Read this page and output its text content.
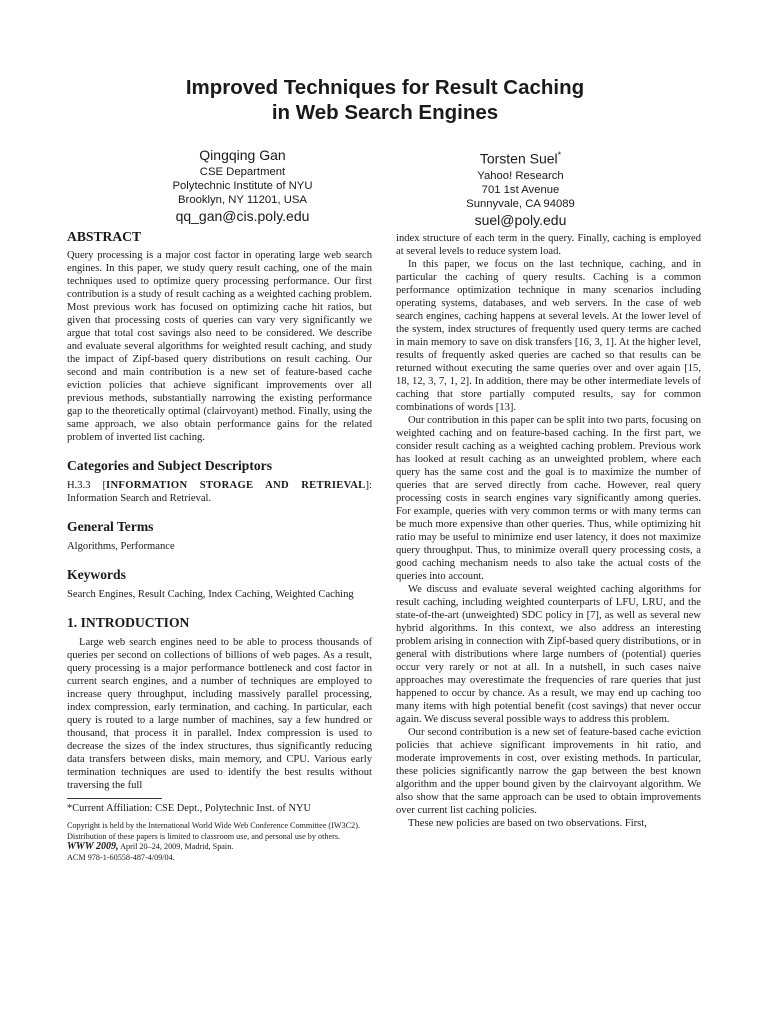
Improved Techniques for Result Caching
in Web Search Engines
Qingqing Gan
CSE Department
Polytechnic Institute of NYU
Brooklyn, NY 11201, USA
qq_gan@cis.poly.edu
Torsten Suel*
Yahoo! Research
701 1st Avenue
Sunnyvale, CA 94089
suel@poly.edu
ABSTRACT

Query processing is a major cost factor in operating large web search engines. In this paper, we study query result caching, one of the main techniques used to optimize query processing performance. Our first contribution is a study of result caching as a weighted caching problem. Most previous work has focused on optimizing cache hit ratios, but given that processing costs of queries can vary very significantly we argue that total cost savings also need to be considered. We describe and evaluate several algorithms for weighted result caching, and study the impact of Zipf-based query distributions on result caching. Our second and main contribution is a new set of feature-based cache eviction policies that achieve significant improvements over all previous methods, substantially narrowing the existing performance gap to the theoretically optimal (clairvoyant) method. Finally, using the same approach, we also obtain performance gains for the related problem of inverted list caching.

Categories and Subject Descriptors

H.3.3 [INFORMATION STORAGE AND RETRIEVAL]: Information Search and Retrieval.

General Terms

Algorithms, Performance

Keywords

Search Engines, Result Caching, Index Caching, Weighted Caching

1. INTRODUCTION

Large web search engines need to be able to process thousands of queries per second on collections of billions of web pages. As a result, query processing is a major performance bottleneck and cost factor in current search engines, and a number of techniques are employed to increase query throughput, including massively parallel processing, index compression, early termination, and caching. In particular, each query is routed to a large number of machines, say a few hundred or thousand, that process it in parallel. Index compression is used to decrease the sizes of the index structures, thus significantly reducing data transfers between disks, main memory, and CPU. Various early termination techniques are used to identify the best results without traversing the full

*Current Affiliation: CSE Dept., Polytechnic Inst. of NYU

Copyright is held by the International World Wide Web Conference Committee (IW3C2). Distribution of these papers is limited to classroom use, and personal use by others.
WWW 2009, April 20–24, 2009, Madrid, Spain.
ACM 978-1-60558-487-4/09/04.

index structure of each term in the query. Finally, caching is employed at several levels to reduce system load.

In this paper, we focus on the last technique, caching, and in particular the caching of query results. Caching is a common performance optimization technique in many scenarios including operating systems, databases, and web servers. In the case of web search engines, caching happens at several levels. At the lower level of the system, index structures of frequently used query terms are cached in main memory to save on disk transfers [16, 3, 1]. At the higher level, results of frequently asked queries are cached so that results can be returned without executing the same queries over and over again [15, 18, 12, 3, 7, 1, 2]. In addition, there may be other intermediate levels of caching that store partially computed results, say for common combinations of words [13].

Our contribution in this paper can be split into two parts, focusing on weighted caching and on feature-based caching. In the first part, we consider result caching as a weighted caching problem. Previous work has looked at result caching as an unweighted problem, where each query has the same cost and the goal is to maximize the number of queries that are served directly from cache. However, real query processing costs in search engines vary significantly among queries. For example, queries with very common terms or with many terms can be much more expensive than other queries. Thus, while optimizing hit ratio may be useful to minimize end user latency, it does not maximize query throughput. Thus, to minimize overall query processing costs, a good caching mechanism needs to also take the actual costs of the queries into account.

We discuss and evaluate several weighted caching algorithms for result caching, including weighted counterparts of LFU, LRU, and the state-of-the-art (unweighted) SDC policy in [7], as well as several new hybrid algorithms. In this context, we also address an interesting problem arising in connection with Zipf-based query distributions, or in general with distributions where large numbers of (potential) queries occur very rarely or not at all. In a nutshell, in such cases naive approaches may overestimate the frequencies of rare queries that just happened to occur by chance. As a result, we may end up caching too many items with high potential benefit (cost savings) that never occur again. We discuss several possible ways to address this problem.

Our second contribution is a new set of feature-based cache eviction policies that achieve significant improvements in hit ratio, and moderate improvements in cost, over existing methods. In particular, these policies significantly narrow the gap between the best known algorithm and the upper bound given by the clairvoyant algorithm. We also show that the same approach can be used to obtain improvements over current list caching policies.

These new policies are based on two observations. First,
